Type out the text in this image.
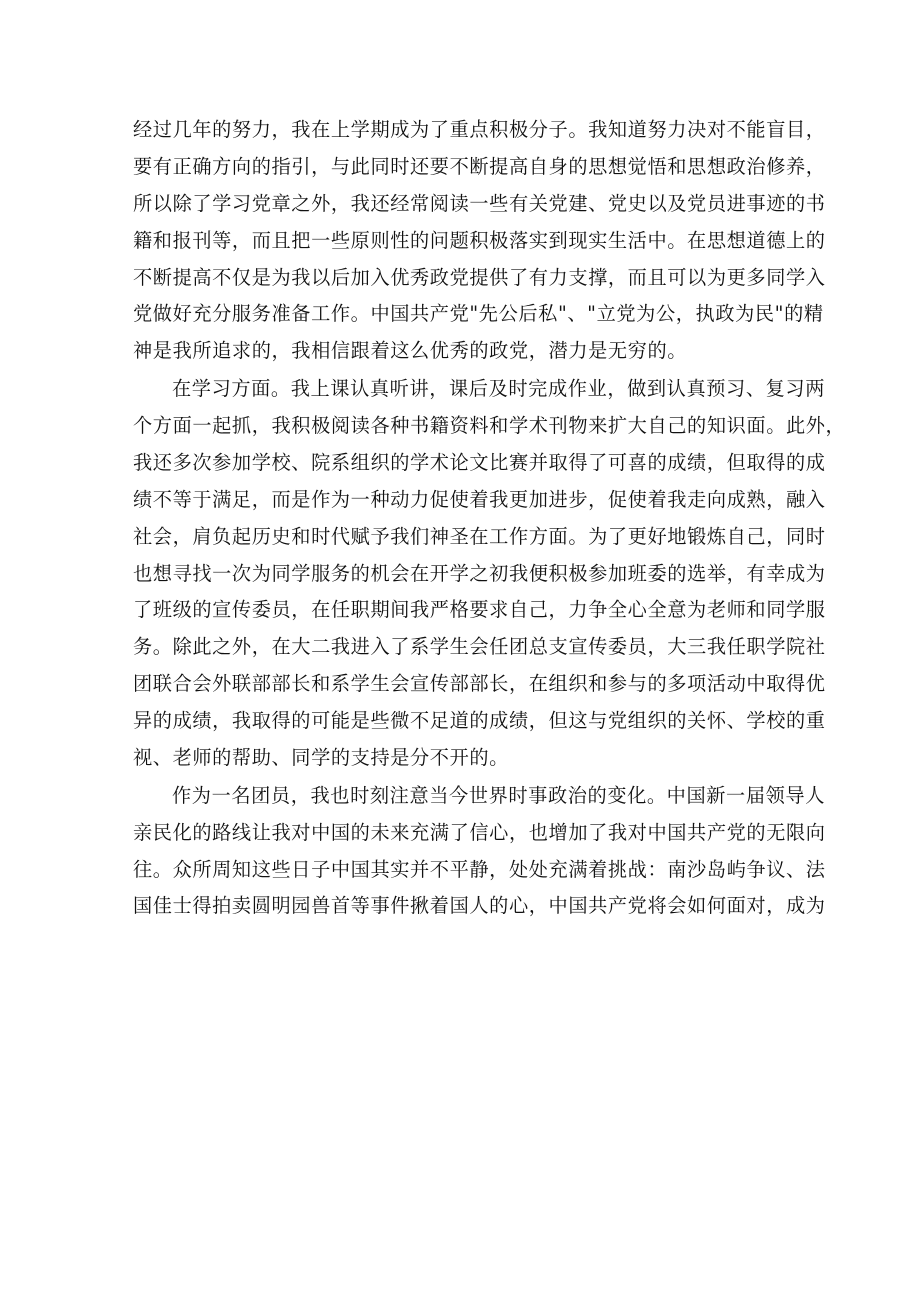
经过几年的努力，我在上学期成为了重点积极分子。我知道努力决对不能盲目，
要有正确方向的指引，与此同时还要不断提高自身的思想觉悟和思想政治修养，
所以除了学习党章之外，我还经常阅读一些有关党建、党史以及党员进事迹的书
籍和报刊等，而且把一些原则性的问题积极落实到现实生活中。在思想道德上的
不断提高不仅是为我以后加入优秀政党提供了有力支撑，而且可以为更多同学入
党做好充分服务准备工作。中国共产党"先公后私"、"立党为公，执政为民"的精
神是我所追求的，我相信跟着这么优秀的政党，潜力是无穷的。
在学习方面。我上课认真听讲，课后及时完成作业，做到认真预习、复习两
个方面一起抓，我积极阅读各种书籍资料和学术刊物来扩大自己的知识面。此外，
我还多次参加学校、院系组织的学术论文比赛并取得了可喜的成绩，但取得的成
绩不等于满足，而是作为一种动力促使着我更加进步，促使着我走向成熟，融入
社会，肩负起历史和时代赋予我们神圣在工作方面。为了更好地锻炼自己，同时
也想寻找一次为同学服务的机会在开学之初我便积极参加班委的选举，有幸成为
了班级的宣传委员，在任职期间我严格要求自己，力争全心全意为老师和同学服
务。除此之外，在大二我进入了系学生会任团总支宣传委员，大三我任职学院社
团联合会外联部部长和系学生会宣传部部长，在组织和参与的多项活动中取得优
异的成绩，我取得的可能是些微不足道的成绩，但这与党组织的关怀、学校的重
视、老师的帮助、同学的支持是分不开的。
作为一名团员，我也时刻注意当今世界时事政治的变化。中国新一届领导人
亲民化的路线让我对中国的未来充满了信心，也增加了我对中国共产党的无限向
往。众所周知这些日子中国其实并不平静，处处充满着挑战：南沙岛屿争议、法
国佳士得拍卖圆明园兽首等事件揪着国人的心，中国共产党将会如何面对，成为
